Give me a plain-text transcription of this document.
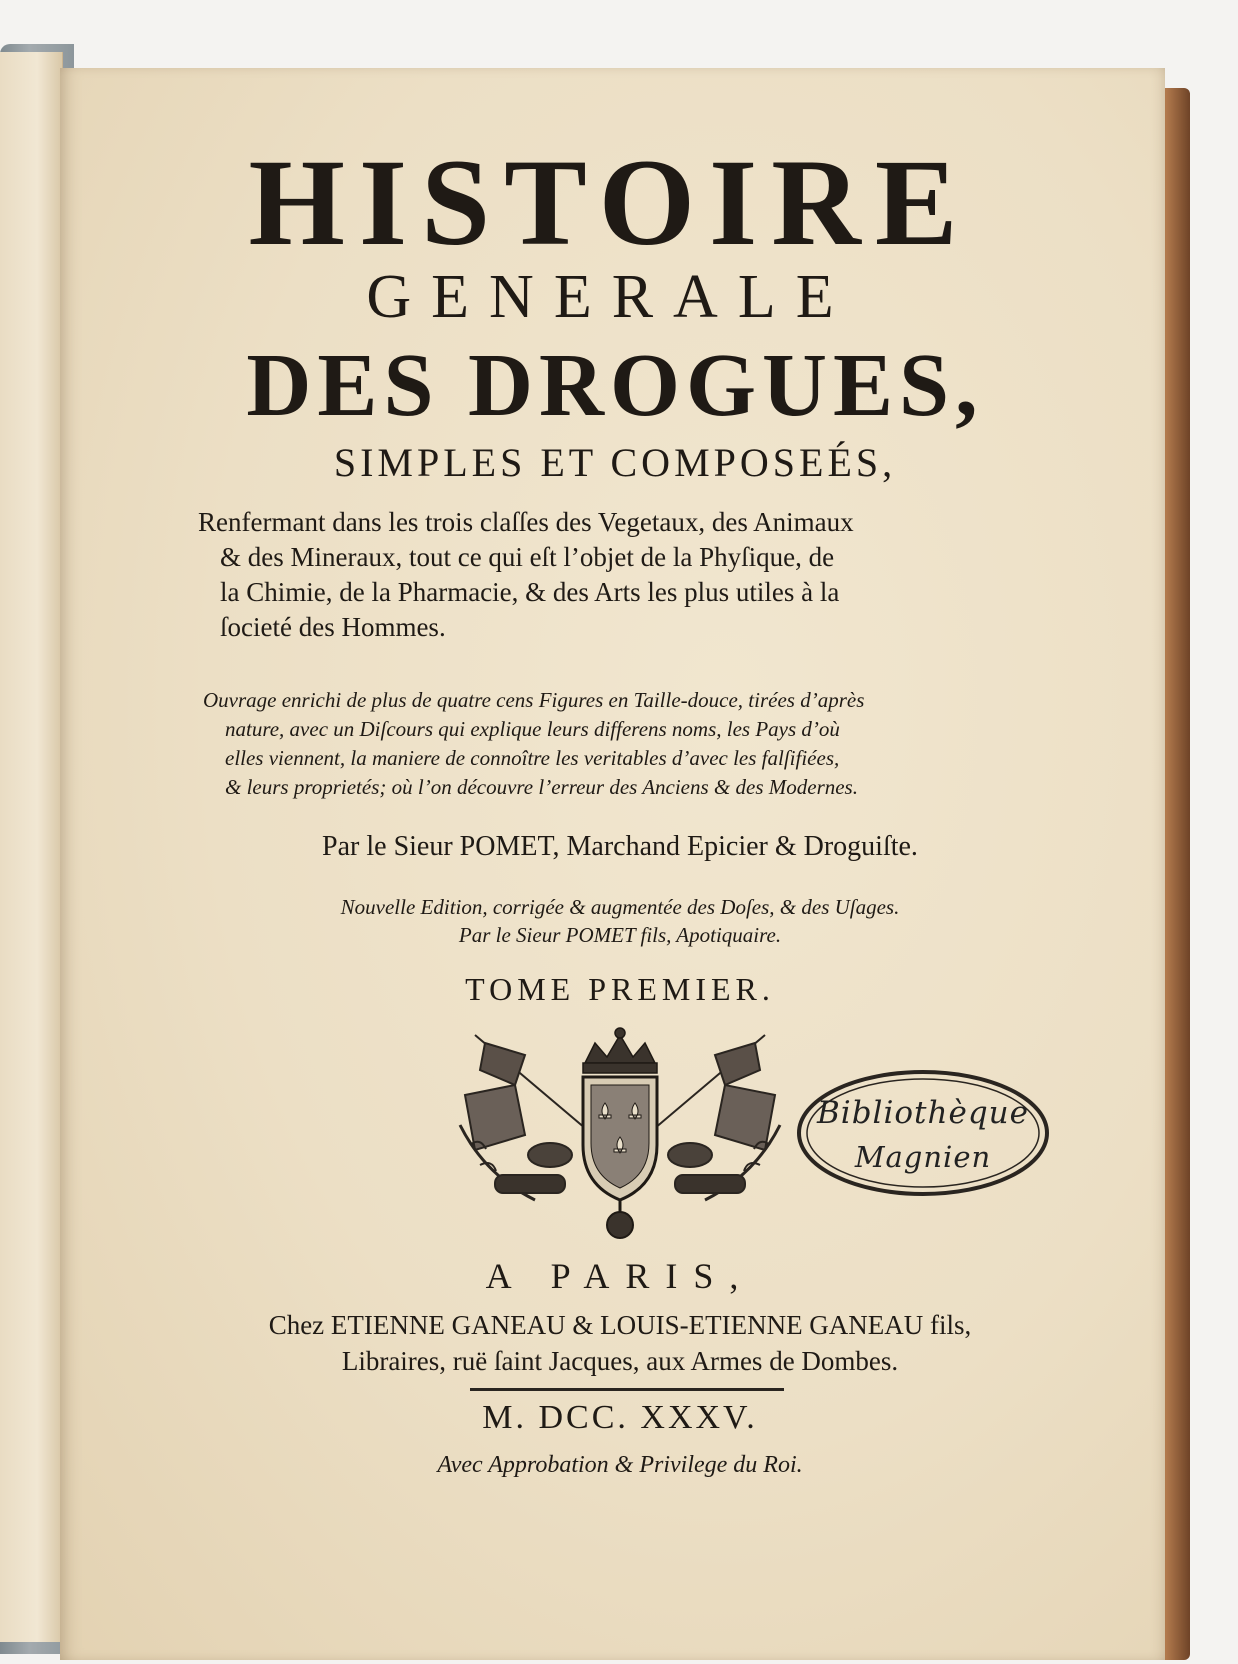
HISTOIRE
GENERALE
DES DROGUES,
SIMPLES ET COMPOSEÉS,
Renfermant dans les trois claſſes des Vegetaux, des Animaux
& des Mineraux, tout ce qui eſt l’objet de la Phyſique, de
la Chimie, de la Pharmacie, & des Arts les plus utiles à la
ſocieté des Hommes.
Ouvrage enrichi de plus de quatre cens Figures en Taille-douce, tirées d’après
nature, avec un Diſcours qui explique leurs differens noms, les Pays d’où
elles viennent, la maniere de connoître les veritables d’avec les falſifiées,
& leurs proprietés; où l’on découvre l’erreur des Anciens & des Modernes.
Par le Sieur POMET, Marchand Epicier & Droguiſte.
Nouvelle Edition, corrigée & augmentée des Doſes, & des Uſages.
Par le Sieur POMET fils, Apotiquaire.
TOME PREMIER.
Bibliothèque
Magnien
A PARIS,
Chez ETIENNE GANEAU & LOUIS-ETIENNE GANEAU fils,
Libraires, ruë ſaint Jacques, aux Armes de Dombes.
M. DCC. XXXV.
Avec Approbation & Privilege du Roi.
